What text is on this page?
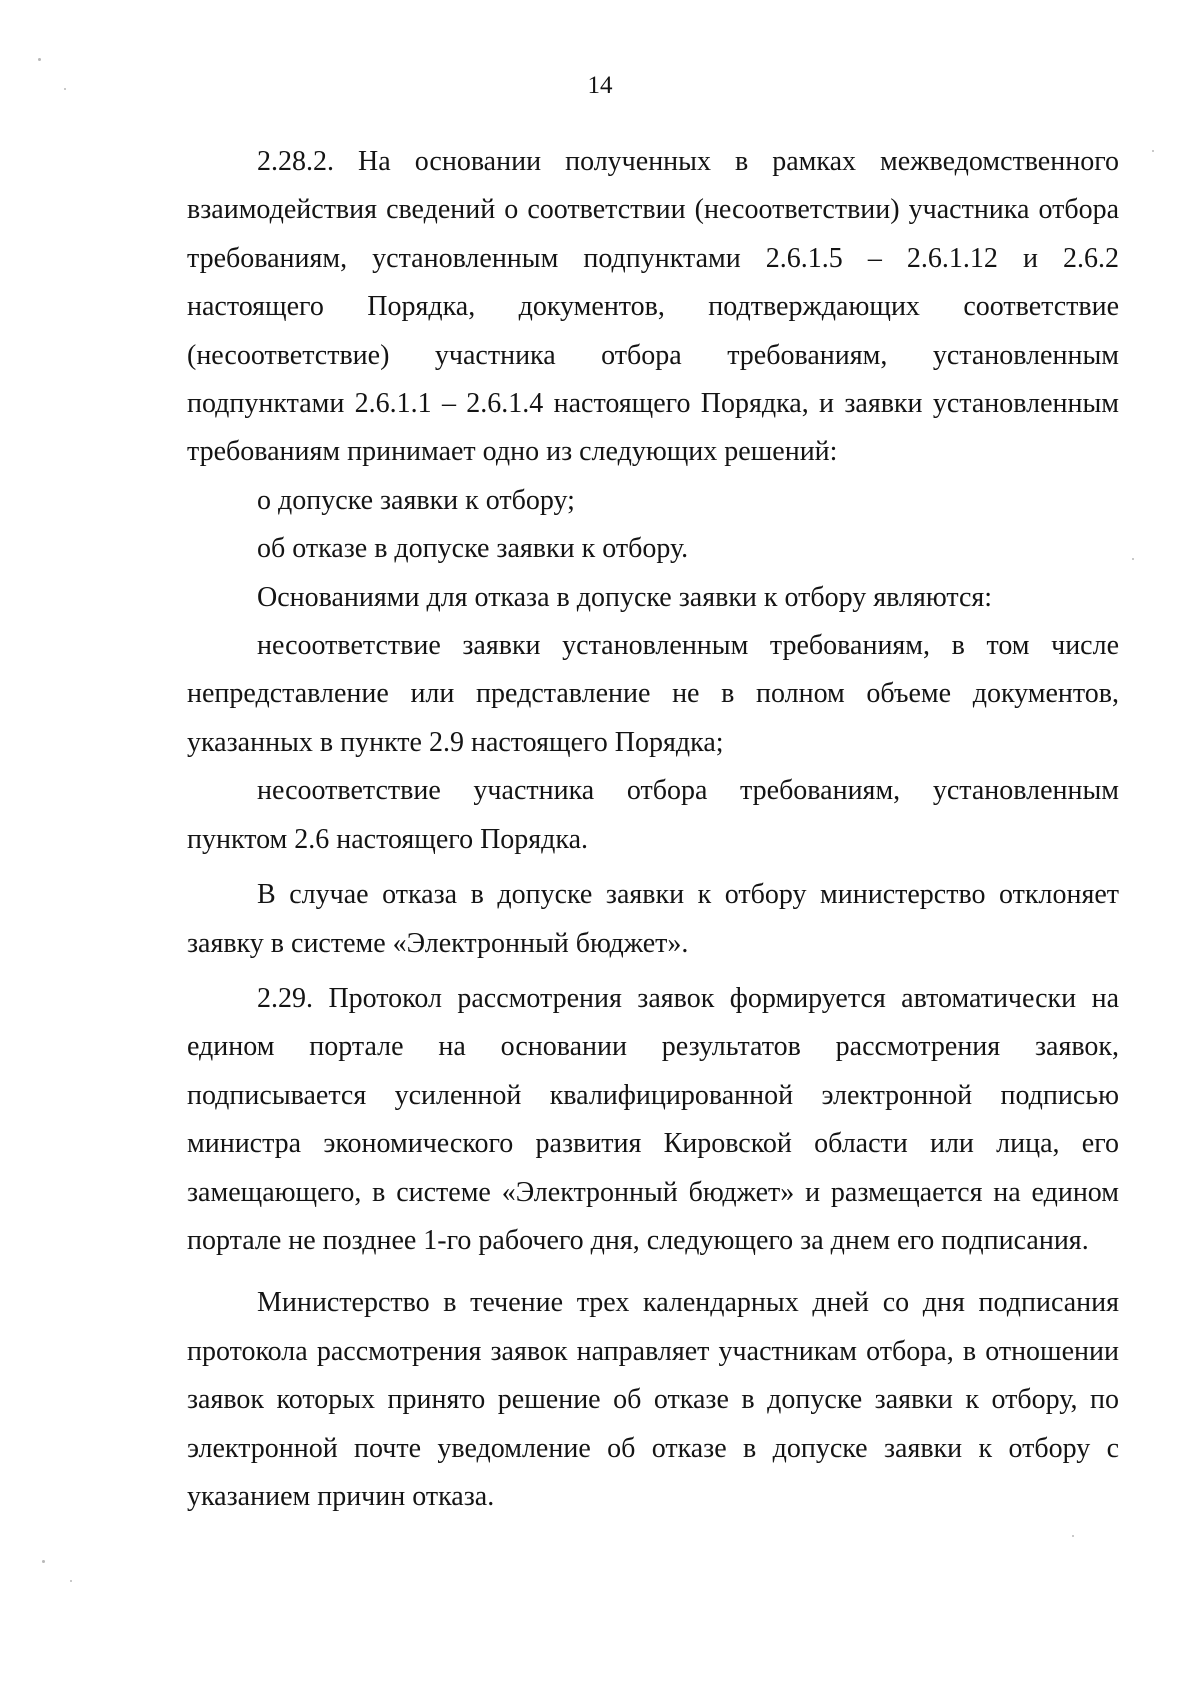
14

2.28.2. На основании полученных в рамках межведомственного взаимодействия сведений о соответствии (несоответствии) участника отбора требованиям, установленным подпунктами 2.6.1.5 – 2.6.1.12 и 2.6.2 настоящего Порядка, документов, подтверждающих соответствие (несоответствие) участника отбора требованиям, установленным подпунктами 2.6.1.1 – 2.6.1.4 настоящего Порядка, и заявки установленным требованиям принимает одно из следующих решений:

о допуске заявки к отбору;

об отказе в допуске заявки к отбору.

Основаниями для отказа в допуске заявки к отбору являются:

несоответствие заявки установленным требованиям, в том числе непредставление или представление не в полном объеме документов, указанных в пункте 2.9 настоящего Порядка;

несоответствие участника отбора требованиям, установленным пунктом 2.6 настоящего Порядка.

В случае отказа в допуске заявки к отбору министерство отклоняет заявку в системе «Электронный бюджет».

2.29. Протокол рассмотрения заявок формируется автоматически на едином портале на основании результатов рассмотрения заявок, подписывается усиленной квалифицированной электронной подписью министра экономического развития Кировской области или лица, его замещающего, в системе «Электронный бюджет» и размещается на едином портале не позднее 1-го рабочего дня, следующего за днем его подписания.

Министерство в течение трех календарных дней со дня подписания протокола рассмотрения заявок направляет участникам отбора, в отношении заявок которых принято решение об отказе в допуске заявки к отбору, по электронной почте уведомление об отказе в допуске заявки к отбору с указанием причин отказа.
